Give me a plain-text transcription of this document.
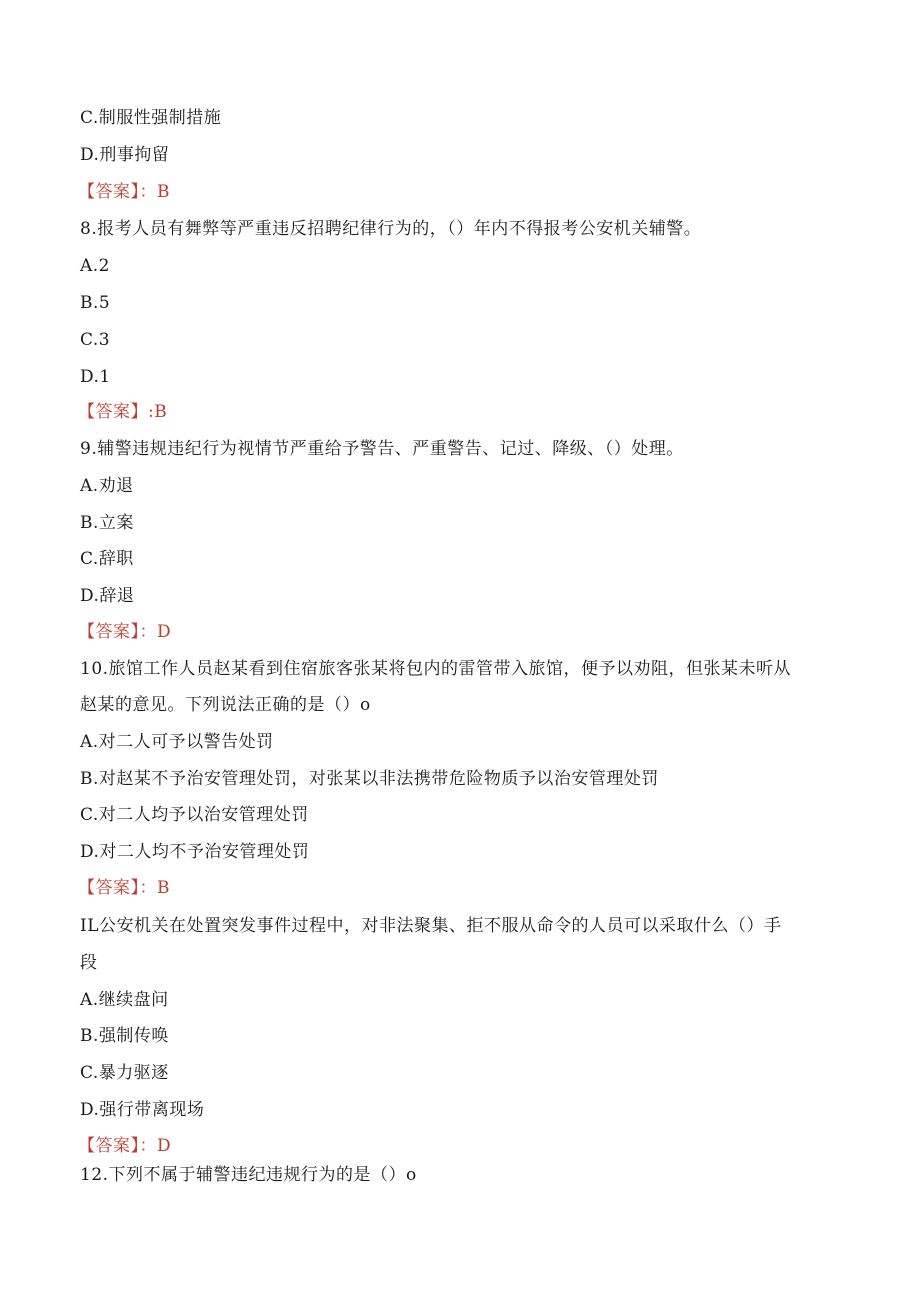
C.制服性强制措施
D.刑事拘留
【答案】：B
8.报考人员有舞弊等严重违反招聘纪律行为的，（）年内不得报考公安机关辅警。
A.2
B.5
C.3
D.1
【答案】:B
9.辅警违规违纪行为视情节严重给予警告、严重警告、记过、降级、（）处理。
A.劝退
B.立案
C.辞职
D.辞退
【答案】：D
10.旅馆工作人员赵某看到住宿旅客张某将包内的雷管带入旅馆，便予以劝阻，但张某未听从
赵某的意见。下列说法正确的是（）o
A.对二人可予以警告处罚
B.对赵某不予治安管理处罚，对张某以非法携带危险物质予以治安管理处罚
C.对二人均予以治安管理处罚
D.对二人均不予治安管理处罚
【答案】：B
IL公安机关在处置突发事件过程中，对非法聚集、拒不服从命令的人员可以采取什么（）手
段
A.继续盘问
B.强制传唤
C.暴力驱逐
D.强行带离现场
【答案】：D
12.下列不属于辅警违纪违规行为的是（）o
